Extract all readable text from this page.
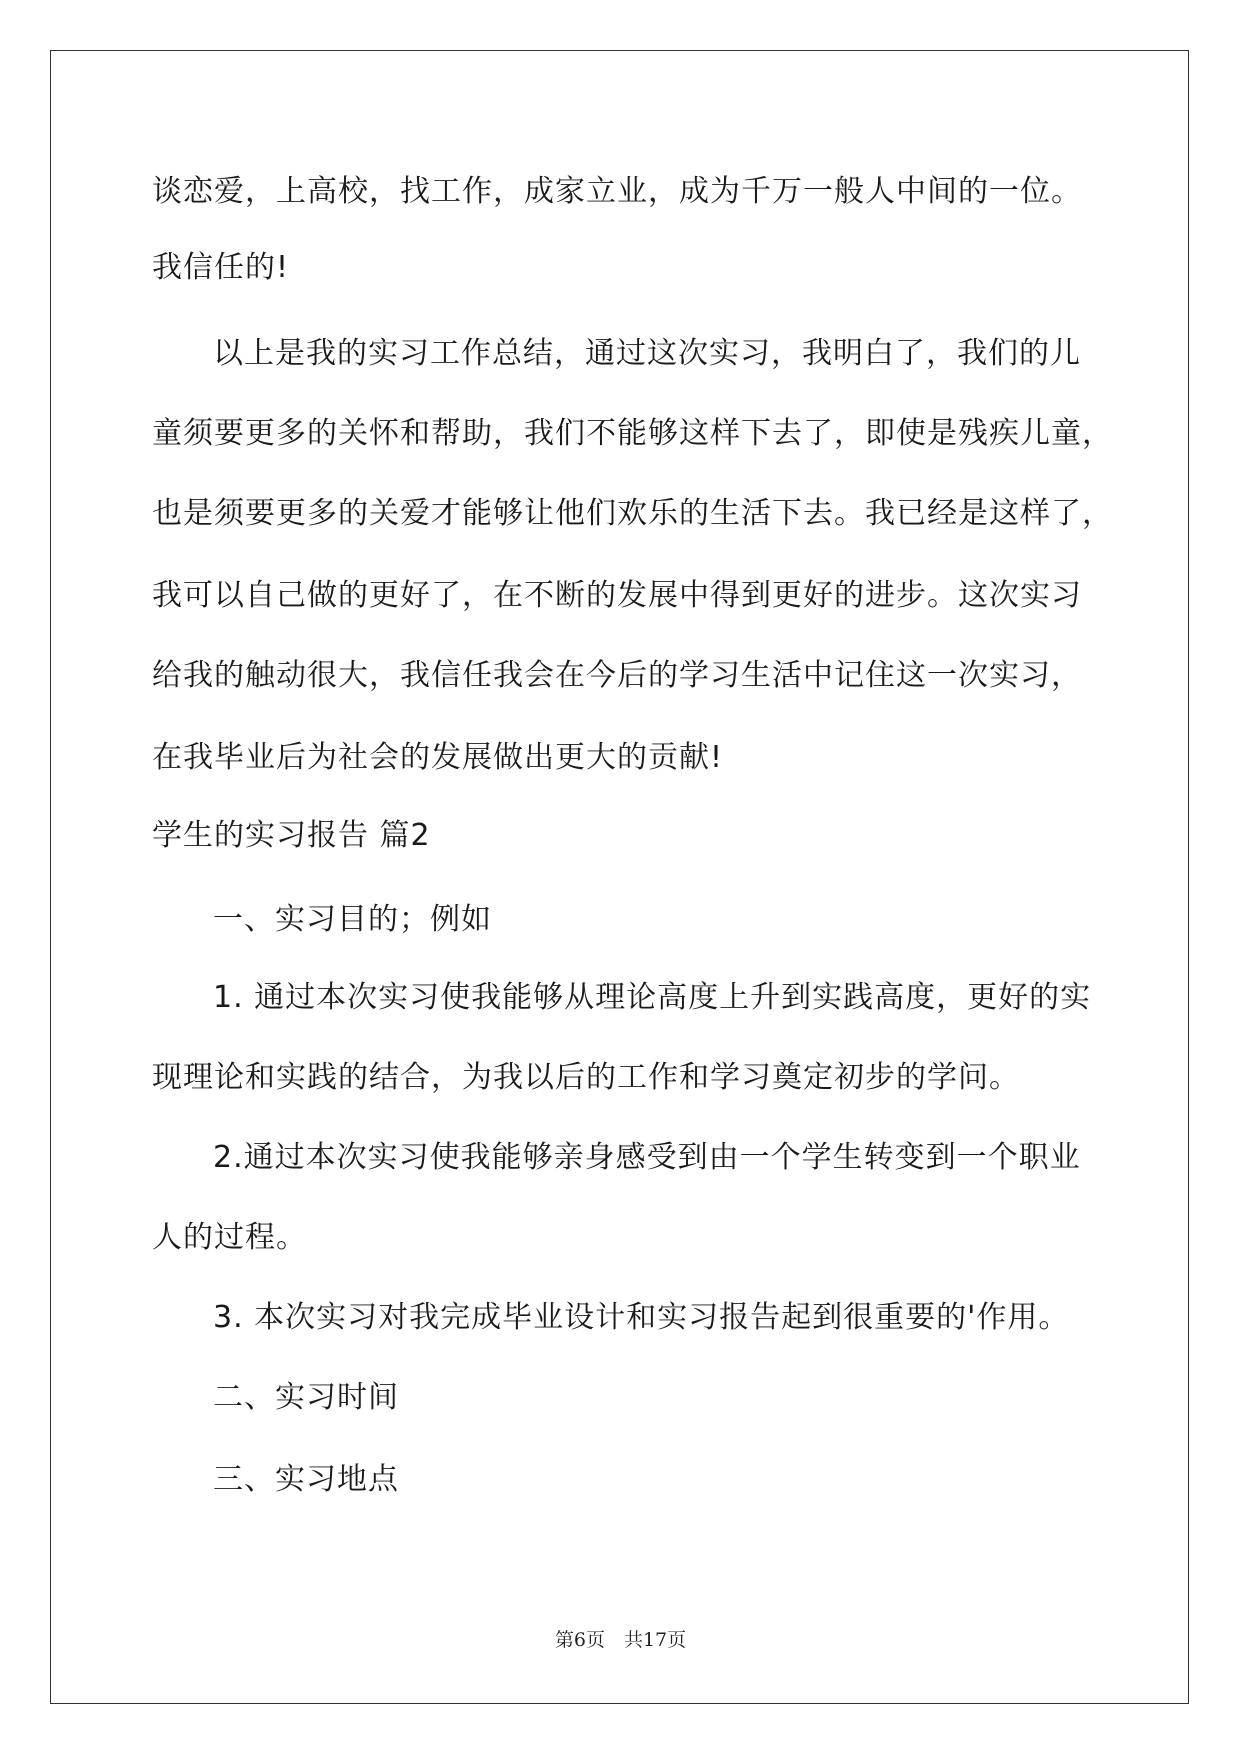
谈恋爱，上高校，找工作，成家立业，成为千万一般人中间的一位。
我信任的!
以上是我的实习工作总结，通过这次实习，我明白了，我们的儿
童须要更多的关怀和帮助，我们不能够这样下去了，即使是残疾儿童，
也是须要更多的关爱才能够让他们欢乐的生活下去。我已经是这样了，
我可以自己做的更好了，在不断的发展中得到更好的进步。这次实习
给我的触动很大，我信任我会在今后的学习生活中记住这一次实习，
在我毕业后为社会的发展做出更大的贡献!
学生的实习报告 篇2
一、实习目的；例如
1. 通过本次实习使我能够从理论高度上升到实践高度，更好的实
现理论和实践的结合，为我以后的工作和学习奠定初步的学问。
2.通过本次实习使我能够亲身感受到由一个学生转变到一个职业
人的过程。
3. 本次实习对我完成毕业设计和实习报告起到很重要的'作用。
二、实习时间
三、实习地点
第6页　共17页
